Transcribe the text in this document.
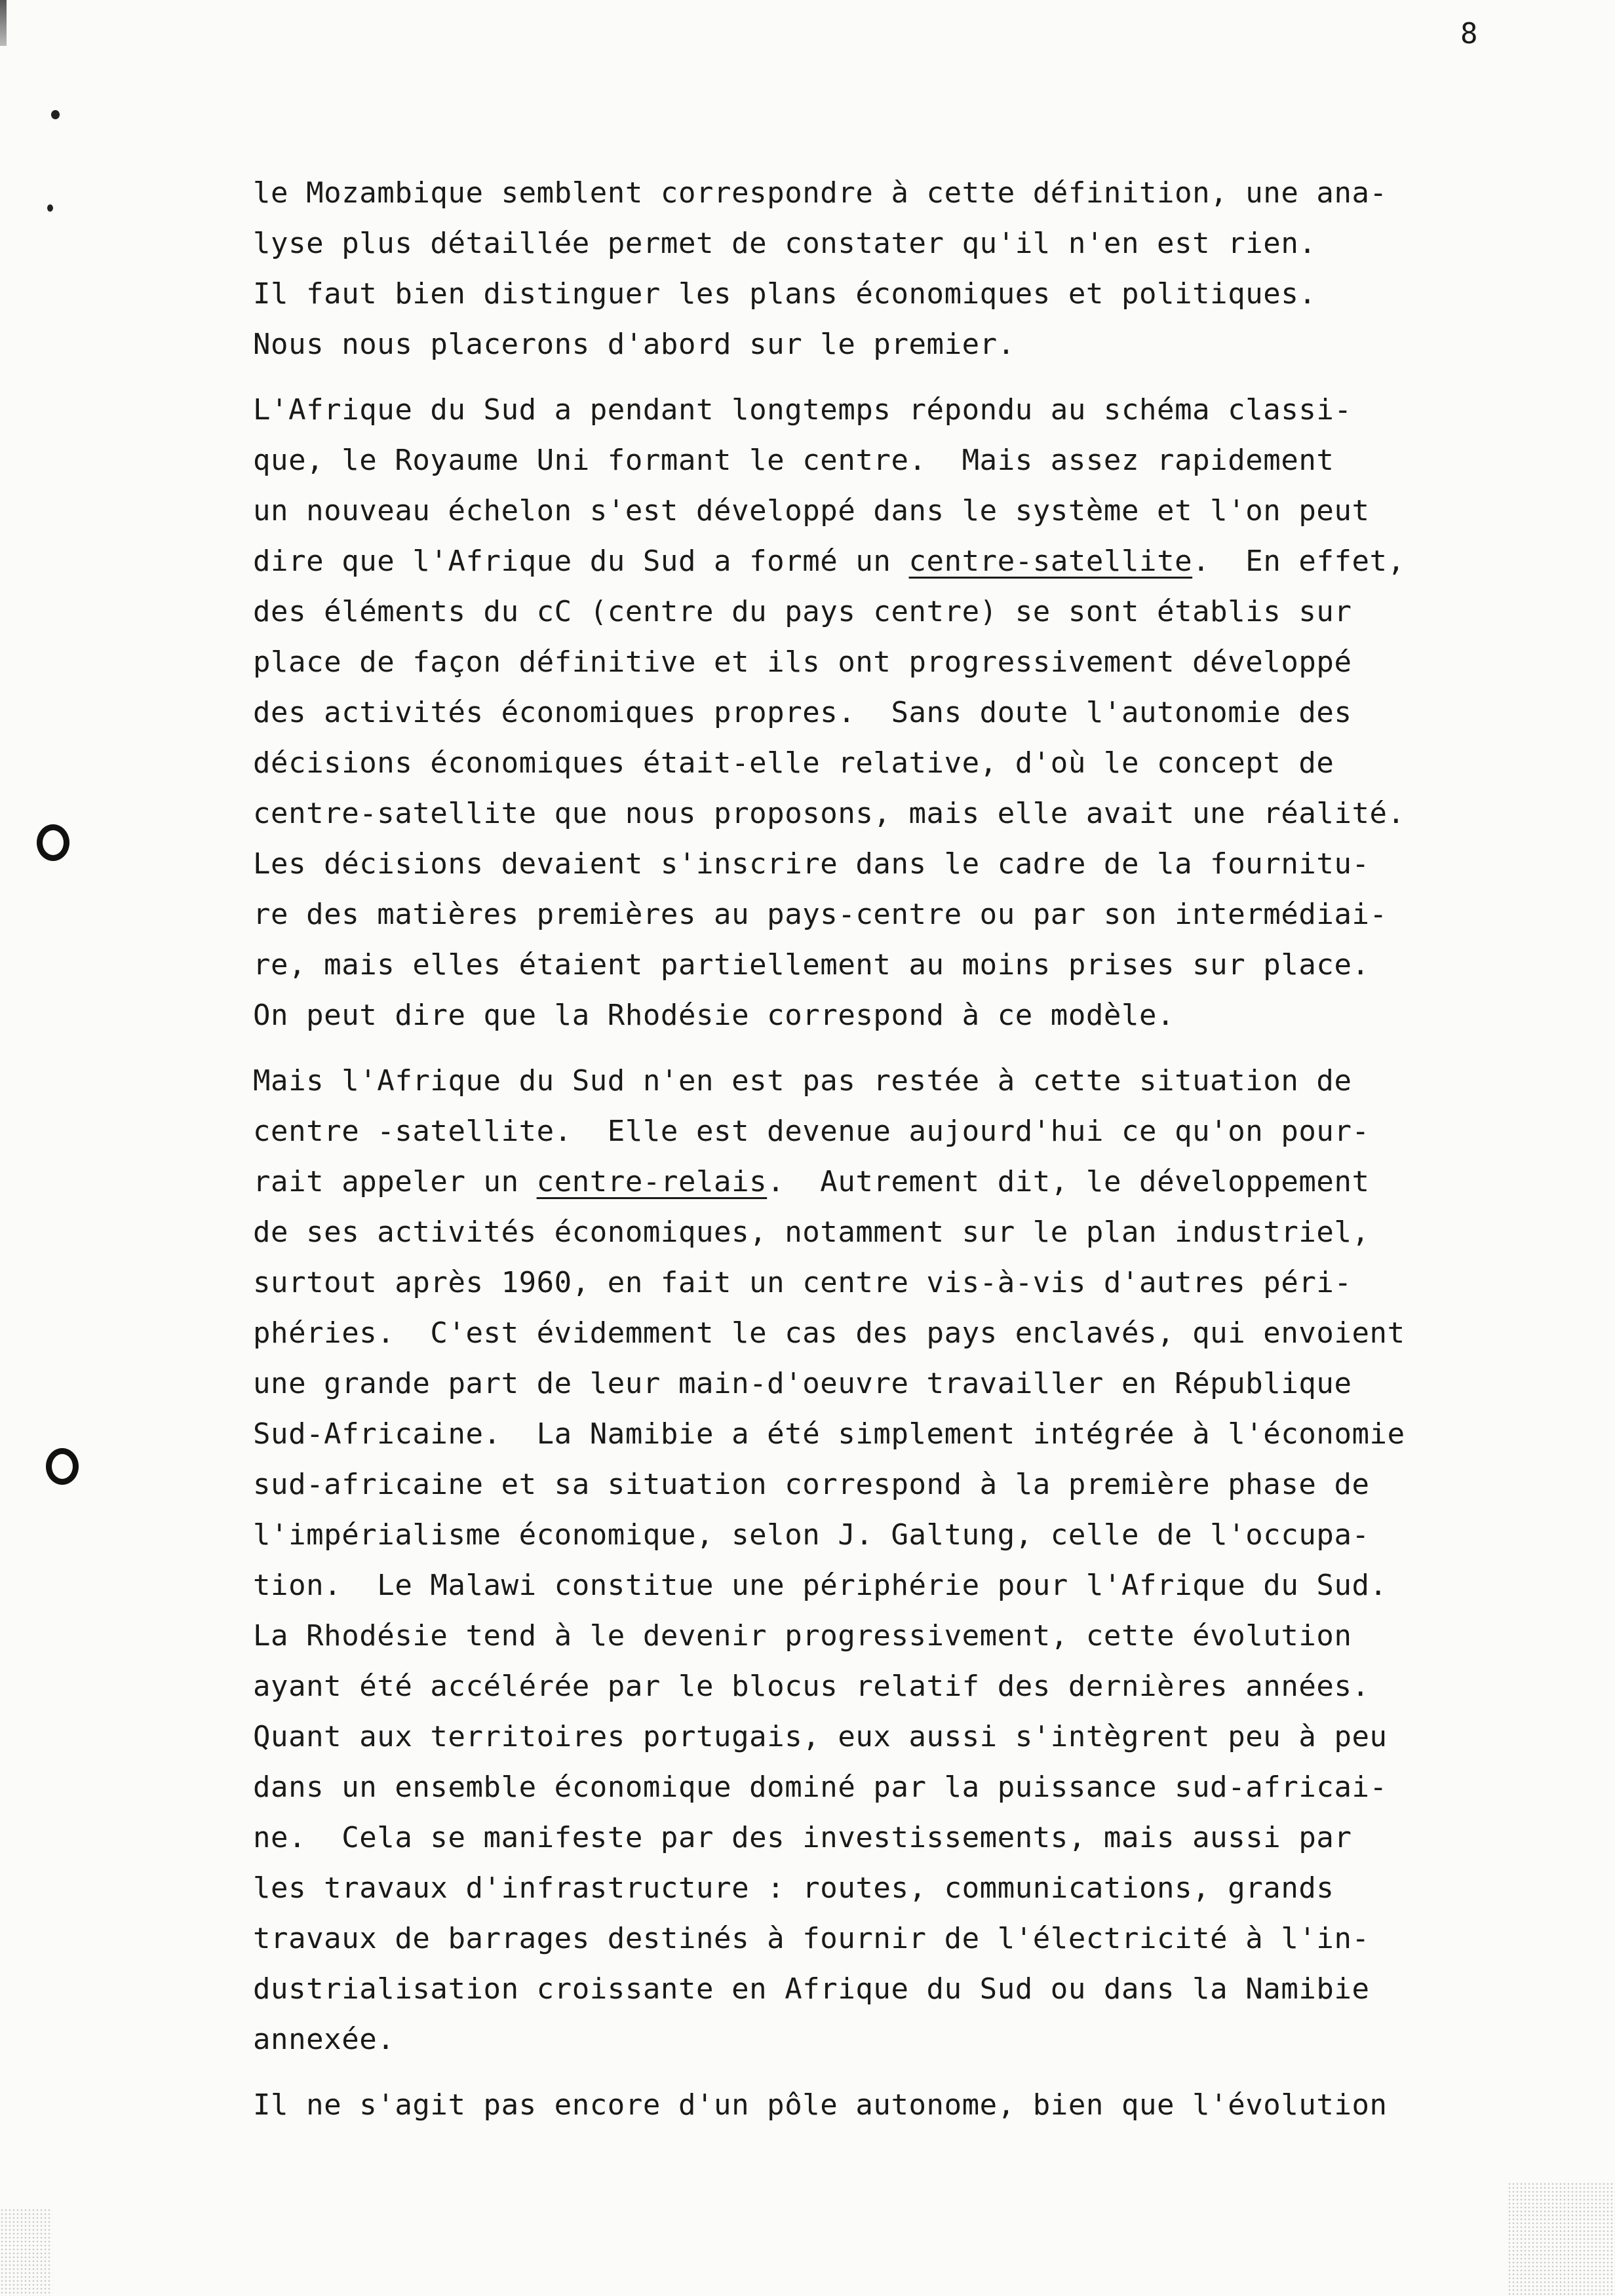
8
le Mozambique semblent correspondre à cette définition, une ana-
lyse plus détaillée permet de constater qu'il n'en est rien.
Il faut bien distinguer les plans économiques et politiques.
Nous nous placerons d'abord sur le premier.
L'Afrique du Sud a pendant longtemps répondu au schéma classi-
que, le Royaume Uni formant le centre.  Mais assez rapidement
un nouveau échelon s'est développé dans le système et l'on peut
dire que l'Afrique du Sud a formé un centre-satellite.  En effet,
des éléments du cC (centre du pays centre) se sont établis sur
place de façon définitive et ils ont progressivement développé
des activités économiques propres.  Sans doute l'autonomie des
décisions économiques était-elle relative, d'où le concept de
centre-satellite que nous proposons, mais elle avait une réalité.
Les décisions devaient s'inscrire dans le cadre de la fournitu-
re des matières premières au pays-centre ou par son intermédiai-
re, mais elles étaient partiellement au moins prises sur place.
On peut dire que la Rhodésie correspond à ce modèle.
Mais l'Afrique du Sud n'en est pas restée à cette situation de
centre -satellite.  Elle est devenue aujourd'hui ce qu'on pour-
rait appeler un centre-relais.  Autrement dit, le développement
de ses activités économiques, notamment sur le plan industriel,
surtout après 1960, en fait un centre vis-à-vis d'autres péri-
phéries.  C'est évidemment le cas des pays enclavés, qui envoient
une grande part de leur main-d'oeuvre travailler en République
Sud-Africaine.  La Namibie a été simplement intégrée à l'économie
sud-africaine et sa situation correspond à la première phase de
l'impérialisme économique, selon J. Galtung, celle de l'occupa-
tion.  Le Malawi constitue une périphérie pour l'Afrique du Sud.
La Rhodésie tend à le devenir progressivement, cette évolution
ayant été accélérée par le blocus relatif des dernières années.
Quant aux territoires portugais, eux aussi s'intègrent peu à peu
dans un ensemble économique dominé par la puissance sud-africai-
ne.  Cela se manifeste par des investissements, mais aussi par
les travaux d'infrastructure : routes, communications, grands
travaux de barrages destinés à fournir de l'électricité à l'in-
dustrialisation croissante en Afrique du Sud ou dans la Namibie
annexée.
Il ne s'agit pas encore d'un pôle autonome, bien que l'évolution
